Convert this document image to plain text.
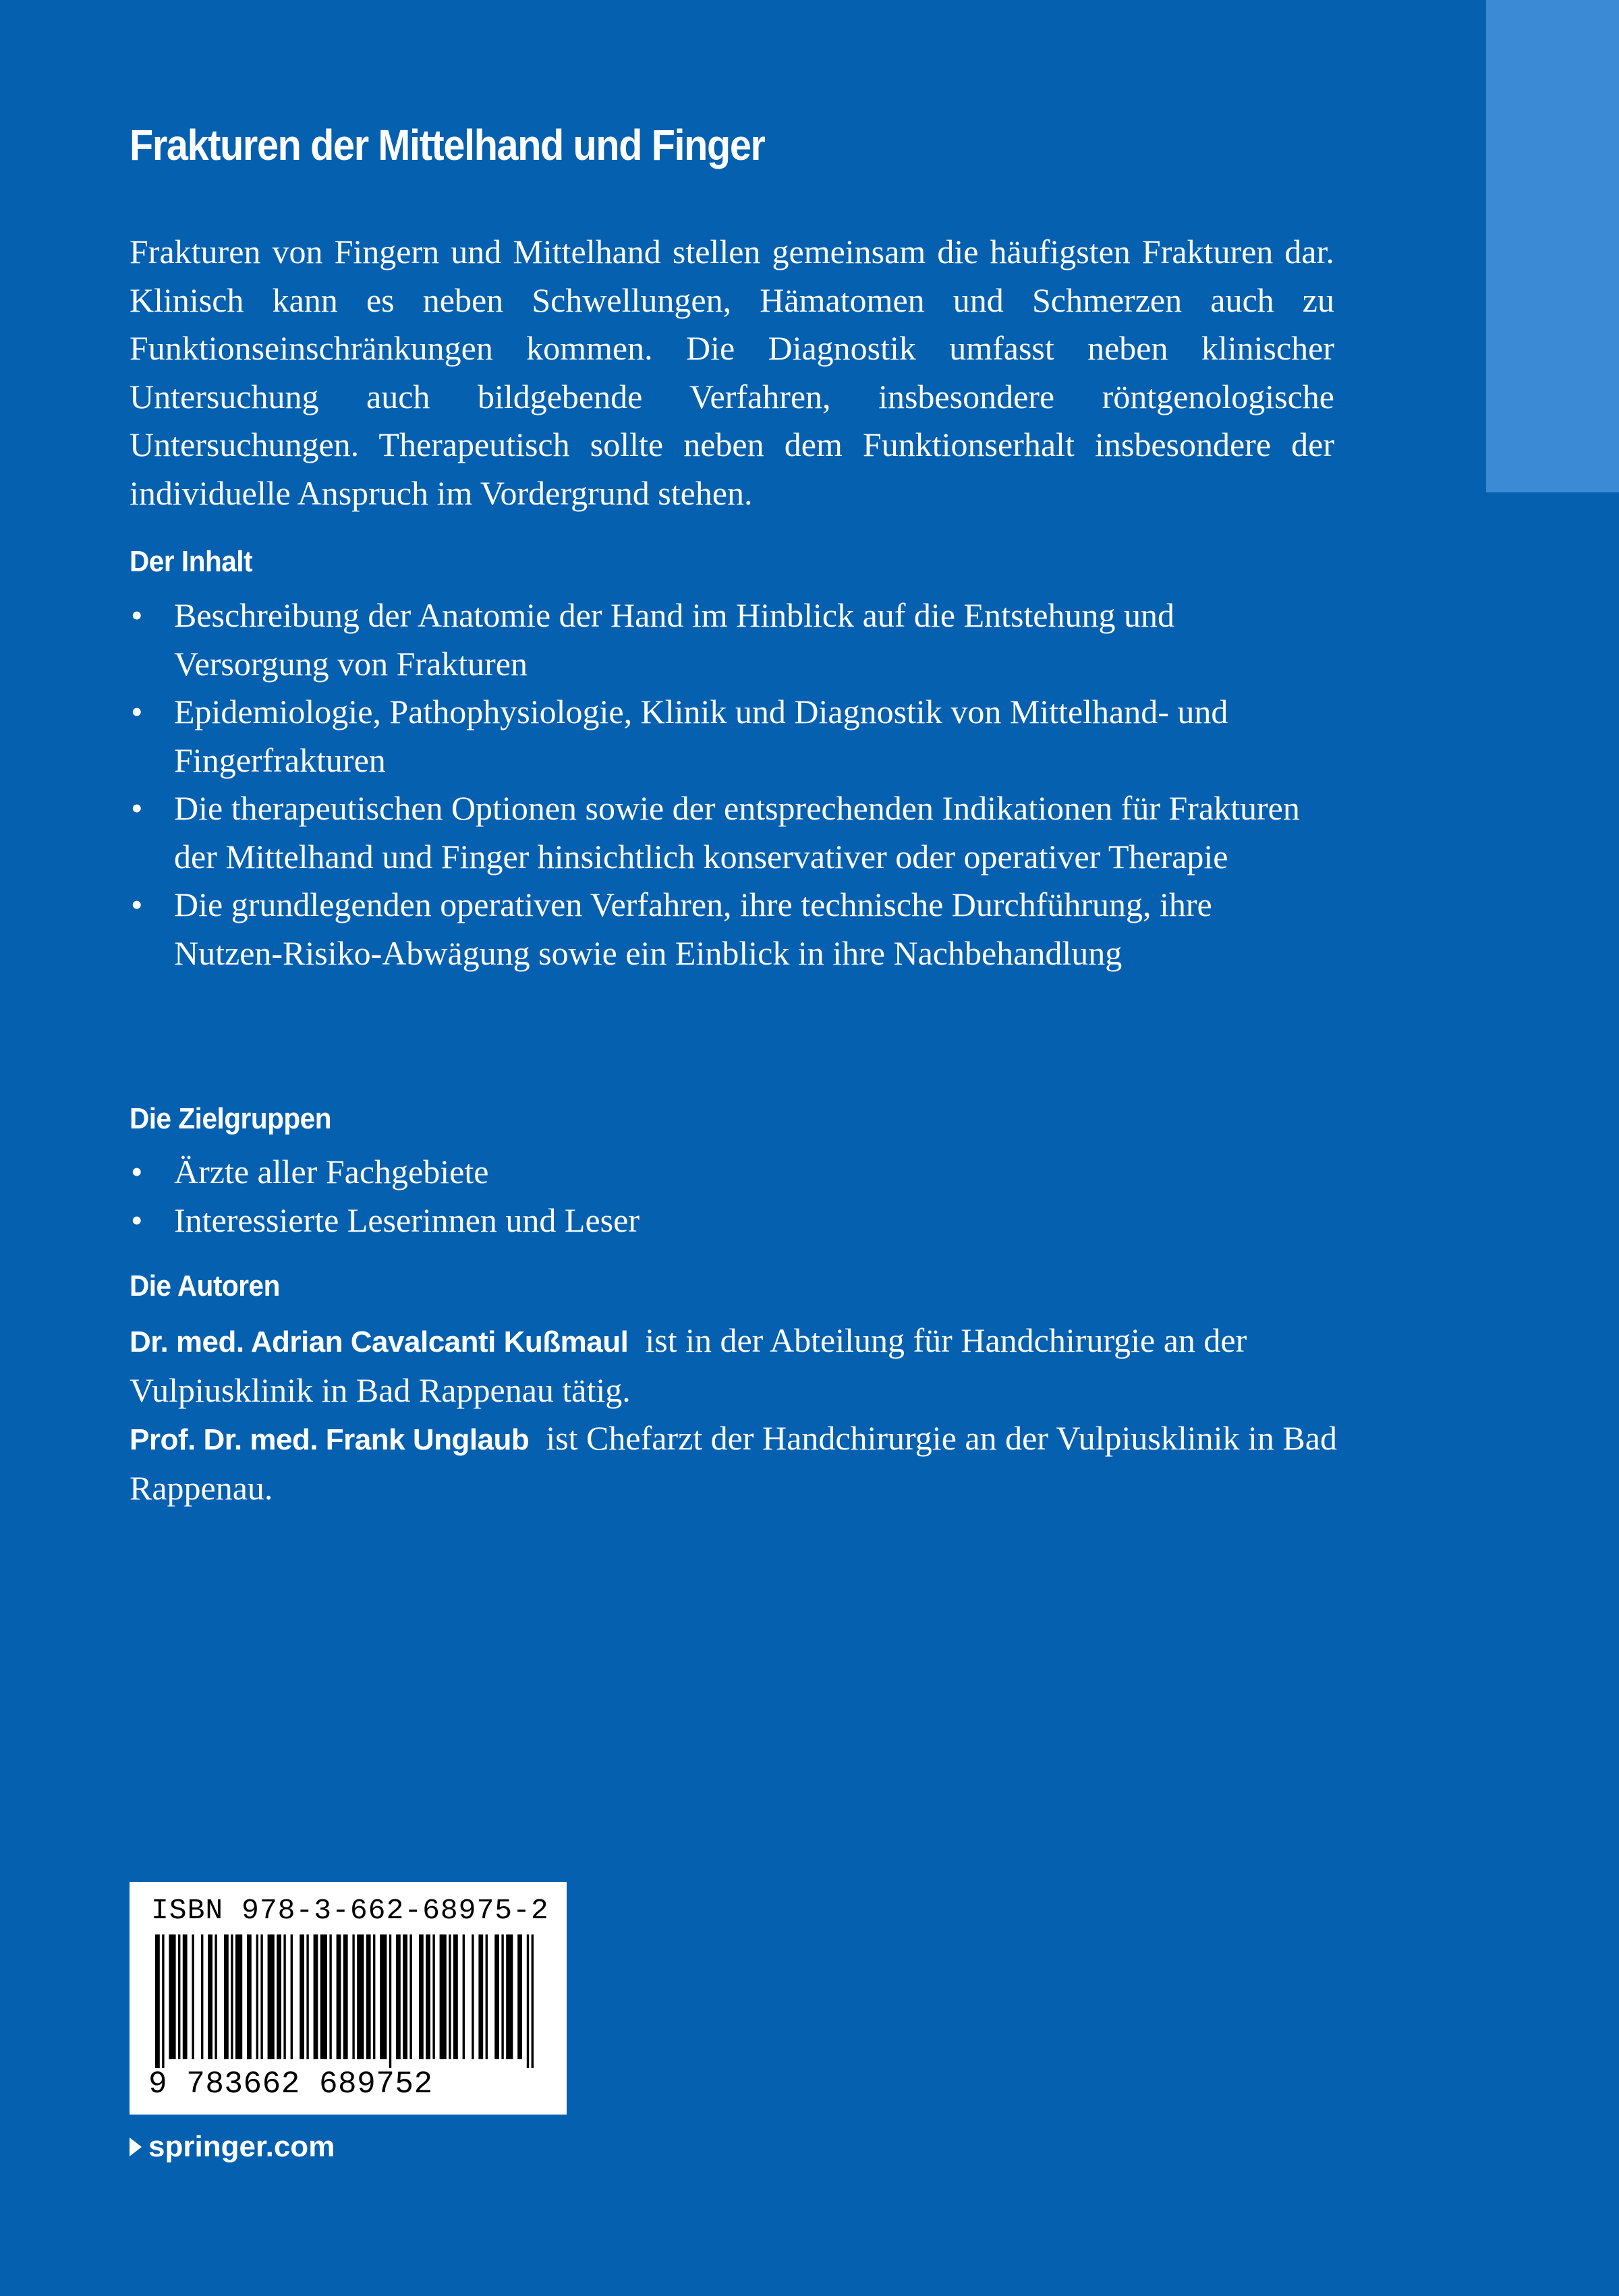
Frakturen der Mittelhand und Finger

Frakturen von Fingern und Mittelhand stellen gemeinsam die häufigsten Frakturen dar. Klinisch kann es neben Schwellungen, Hämatomen und Schmerzen auch zu Funktionseinschränkungen kommen. Die Diagnostik umfasst neben klinischer Untersuchung auch bildgebende Verfahren, insbesondere röntgenologische Untersuchungen. Therapeutisch sollte neben dem Funktionserhalt insbesondere der individuelle Anspruch im Vordergrund stehen.

Der Inhalt
• Beschreibung der Anatomie der Hand im Hinblick auf die Entstehung und Versorgung von Frakturen
• Epidemiologie, Pathophysiologie, Klinik und Diagnostik von Mittelhand- und Fingerfrakturen
• Die therapeutischen Optionen sowie der entsprechenden Indikationen für Frakturen der Mittelhand und Finger hinsichtlich konservativer oder operativer Therapie
• Die grundlegenden operativen Verfahren, ihre technische Durchführung, ihre Nutzen-Risiko-Abwägung sowie ein Einblick in ihre Nachbehandlung
Die Zielgruppen
• Ärzte aller Fachgebiete
• Interessierte Leserinnen und Leser
Die Autoren

Dr. med. Adrian Cavalcanti Kußmaul ist in der Abteilung für Handchirurgie an der Vulpiusklinik in Bad Rappenau tätig.

Prof. Dr. med. Frank Unglaub ist Chefarzt der Handchirurgie an der Vulpiusklinik in Bad Rappenau.

ISBN 978-3-662-68975-2

9 783662 689752

springer.com
